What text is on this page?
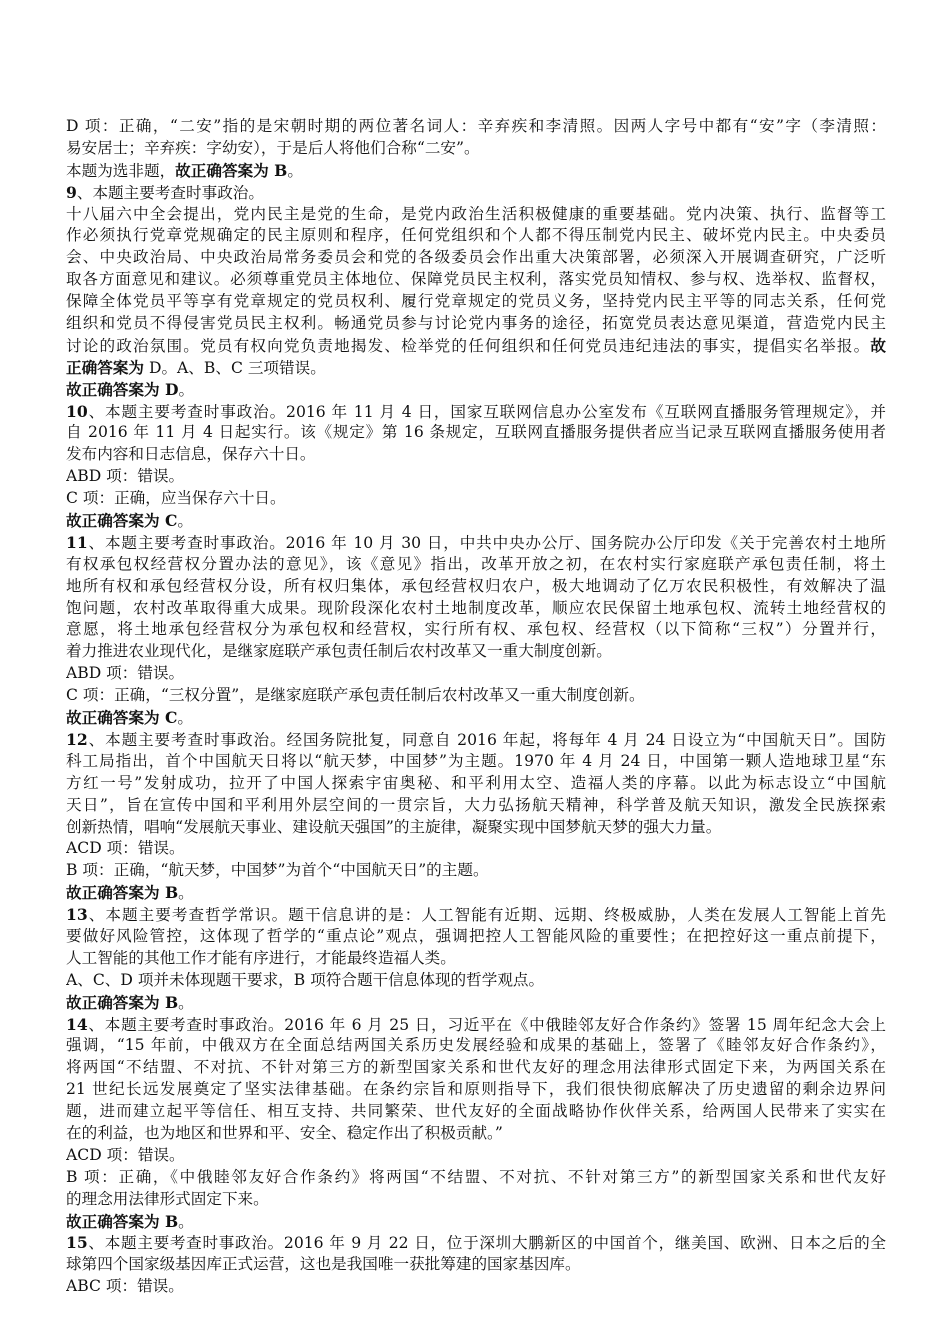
D 项：正确，“二安”指的是宋朝时期的两位著名词人：辛弃疾和李清照。因两人字号中都有“安”字（李清照：
易安居士；辛弃疾：字幼安），于是后人将他们合称“二安”。
本题为选非题，故正确答案为 B。
9、本题主要考查时事政治。
十八届六中全会提出，党内民主是党的生命，是党内政治生活积极健康的重要基础。党内决策、执行、监督等工
作必须执行党章党规确定的民主原则和程序，任何党组织和个人都不得压制党内民主、破坏党内民主。中央委员
会、中央政治局、中央政治局常务委员会和党的各级委员会作出重大决策部署，必须深入开展调查研究，广泛听
取各方面意见和建议。必须尊重党员主体地位、保障党员民主权利，落实党员知情权、参与权、选举权、监督权，
保障全体党员平等享有党章规定的党员权利、履行党章规定的党员义务，坚持党内民主平等的同志关系，任何党
组织和党员不得侵害党员民主权利。畅通党员参与讨论党内事务的途径，拓宽党员表达意见渠道，营造党内民主
讨论的政治氛围。党员有权向党负责地揭发、检举党的任何组织和任何党员违纪违法的事实，提倡实名举报。故
正确答案为 D。A、B、C 三项错误。
故正确答案为 D。
10、本题主要考查时事政治。2016 年 11 月 4 日，国家互联网信息办公室发布《互联网直播服务管理规定》，并
自 2016 年 11 月 4 日起实行。该《规定》第 16 条规定，互联网直播服务提供者应当记录互联网直播服务使用者
发布内容和日志信息，保存六十日。
ABD 项：错误。
C 项：正确，应当保存六十日。
故正确答案为 C。
11、本题主要考查时事政治。2016 年 10 月 30 日，中共中央办公厅、国务院办公厅印发《关于完善农村土地所
有权承包权经营权分置办法的意见》，该《意见》指出，改革开放之初，在农村实行家庭联产承包责任制，将土
地所有权和承包经营权分设，所有权归集体，承包经营权归农户，极大地调动了亿万农民积极性，有效解决了温
饱问题，农村改革取得重大成果。现阶段深化农村土地制度改革，顺应农民保留土地承包权、流转土地经营权的
意愿，将土地承包经营权分为承包权和经营权，实行所有权、承包权、经营权（以下简称“三权”）分置并行，
着力推进农业现代化，是继家庭联产承包责任制后农村改革又一重大制度创新。
ABD 项：错误。
C 项：正确，“三权分置”，是继家庭联产承包责任制后农村改革又一重大制度创新。
故正确答案为 C。
12、本题主要考查时事政治。经国务院批复，同意自 2016 年起，将每年 4 月 24 日设立为“中国航天日”。国防
科工局指出，首个中国航天日将以“航天梦，中国梦”为主题。1970 年 4 月 24 日，中国第一颗人造地球卫星“东
方红一号”发射成功，拉开了中国人探索宇宙奥秘、和平利用太空、造福人类的序幕。以此为标志设立“中国航
天日”，旨在宣传中国和平利用外层空间的一贯宗旨，大力弘扬航天精神，科学普及航天知识，激发全民族探索
创新热情，唱响“发展航天事业、建设航天强国”的主旋律，凝聚实现中国梦航天梦的强大力量。
ACD 项：错误。
B 项：正确，“航天梦，中国梦”为首个“中国航天日”的主题。
故正确答案为 B。
13、本题主要考查哲学常识。题干信息讲的是：人工智能有近期、远期、终极威胁，人类在发展人工智能上首先
要做好风险管控，这体现了哲学的“重点论”观点，强调把控人工智能风险的重要性；在把控好这一重点前提下，
人工智能的其他工作才能有序进行，才能最终造福人类。
A、C、D 项并未体现题干要求，B 项符合题干信息体现的哲学观点。
故正确答案为 B。
14、本题主要考查时事政治。2016 年 6 月 25 日，习近平在《中俄睦邻友好合作条约》签署 15 周年纪念大会上
强调，“15 年前，中俄双方在全面总结两国关系历史发展经验和成果的基础上，签署了《睦邻友好合作条约》，
将两国“不结盟、不对抗、不针对第三方的新型国家关系和世代友好的理念用法律形式固定下来，为两国关系在
21 世纪长远发展奠定了坚实法律基础。在条约宗旨和原则指导下，我们很快彻底解决了历史遗留的剩余边界问
题，进而建立起平等信任、相互支持、共同繁荣、世代友好的全面战略协作伙伴关系，给两国人民带来了实实在
在的利益，也为地区和世界和平、安全、稳定作出了积极贡献。”
ACD 项：错误。
B 项：正确，《中俄睦邻友好合作条约》将两国“不结盟、不对抗、不针对第三方”的新型国家关系和世代友好
的理念用法律形式固定下来。
故正确答案为 B。
15、本题主要考查时事政治。2016 年 9 月 22 日，位于深圳大鹏新区的中国首个，继美国、欧洲、日本之后的全
球第四个国家级基因库正式运营，这也是我国唯一获批筹建的国家基因库。
ABC 项：错误。
